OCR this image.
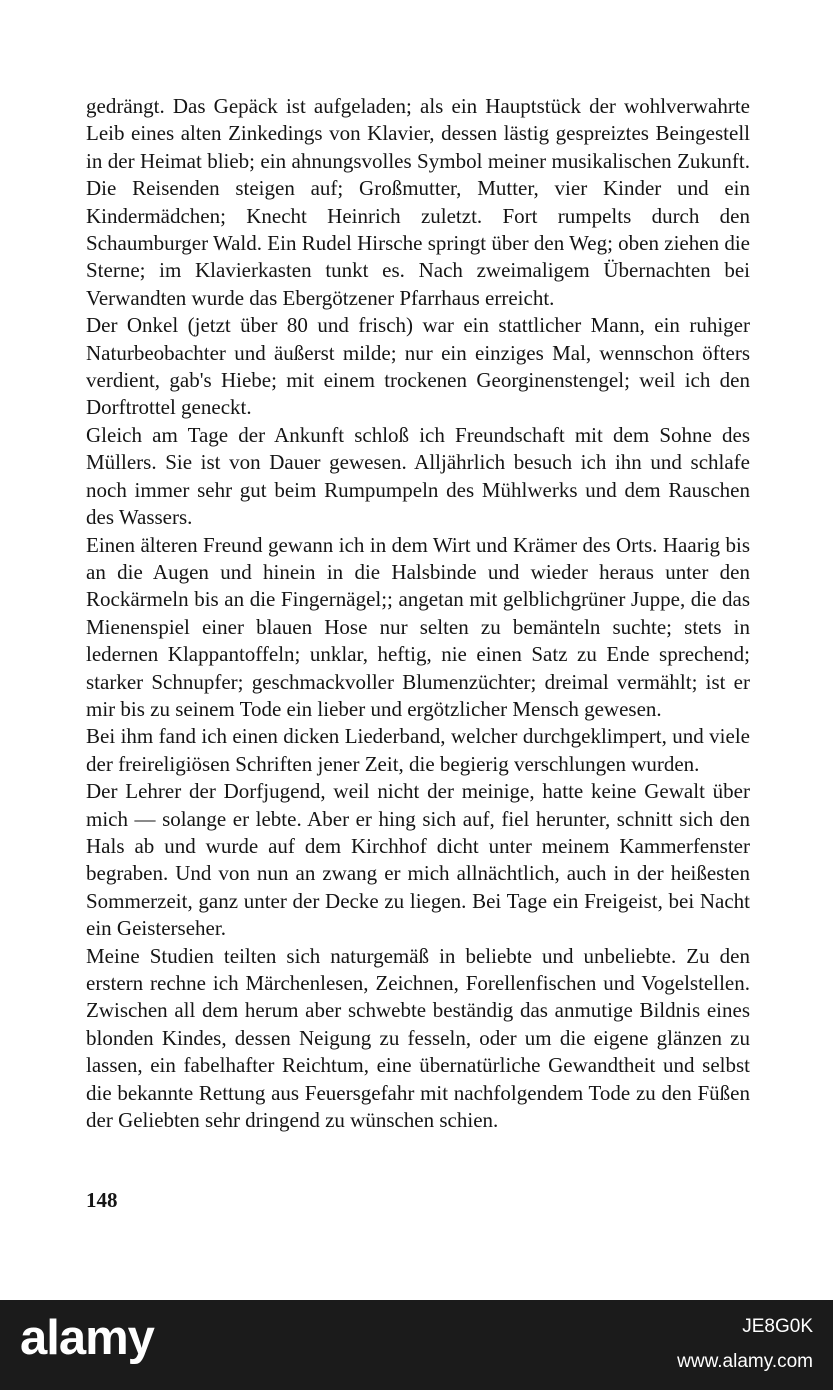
gedrängt. Das Gepäck ist aufgeladen; als ein Hauptstück der wohlverwahrte Leib eines alten Zinkedings von Klavier, dessen lästig gespreiztes Beingestell in der Heimat blieb; ein ahnungsvolles Symbol meiner musikalischen Zukunft. Die Reisenden steigen auf; Großmutter, Mutter, vier Kinder und ein Kindermädchen; Knecht Heinrich zuletzt. Fort rumpelts durch den Schaumburger Wald. Ein Rudel Hirsche springt über den Weg; oben ziehen die Sterne; im Klavierkasten tunkt es. Nach zweimaligem Übernachten bei Verwandten wurde das Ebergötzener Pfarrhaus erreicht.

Der Onkel (jetzt über 80 und frisch) war ein stattlicher Mann, ein ruhiger Naturbeobachter und äußerst milde; nur ein einziges Mal, wennschon öfters verdient, gab's Hiebe; mit einem trockenen Georginenstengel; weil ich den Dorftrottel geneckt.

Gleich am Tage der Ankunft schloß ich Freundschaft mit dem Sohne des Müllers. Sie ist von Dauer gewesen. Alljährlich besuch ich ihn und schlafe noch immer sehr gut beim Rumpumpeln des Mühlwerks und dem Rauschen des Wassers.

Einen älteren Freund gewann ich in dem Wirt und Krämer des Orts. Haarig bis an die Augen und hinein in die Halsbinde und wieder heraus unter den Rockärmeln bis an die Fingernägel;; angetan mit gelblichgrüner Juppe, die das Mienenspiel einer blauen Hose nur selten zu bemänteln suchte; stets in ledernen Klappantoffeln; unklar, heftig, nie einen Satz zu Ende sprechend; starker Schnupfer; geschmackvoller Blumenzüchter; dreimal vermählt; ist er mir bis zu seinem Tode ein lieber und ergötzlicher Mensch gewesen.

Bei ihm fand ich einen dicken Liederband, welcher durchgeklimpert, und viele der freireligiösen Schriften jener Zeit, die begierig verschlungen wurden.

Der Lehrer der Dorfjugend, weil nicht der meinige, hatte keine Gewalt über mich — solange er lebte. Aber er hing sich auf, fiel herunter, schnitt sich den Hals ab und wurde auf dem Kirchhof dicht unter meinem Kammerfenster begraben. Und von nun an zwang er mich allnächtlich, auch in der heißesten Sommerzeit, ganz unter der Decke zu liegen. Bei Tage ein Freigeist, bei Nacht ein Geisterseher.

Meine Studien teilten sich naturgemäß in beliebte und unbeliebte. Zu den erstern rechne ich Märchenlesen, Zeichnen, Forellenfischen und Vogelstellen. Zwischen all dem herum aber schwebte beständig das anmutige Bildnis eines blonden Kindes, dessen Neigung zu fesseln, oder um die eigene glänzen zu lassen, ein fabelhafter Reichtum, eine übernatürliche Gewandtheit und selbst die bekannte Rettung aus Feuersgefahr mit nachfolgendem Tode zu den Füßen der Geliebten sehr dringend zu wünschen schien.

148
alamy	JE8G0K
www.alamy.com
